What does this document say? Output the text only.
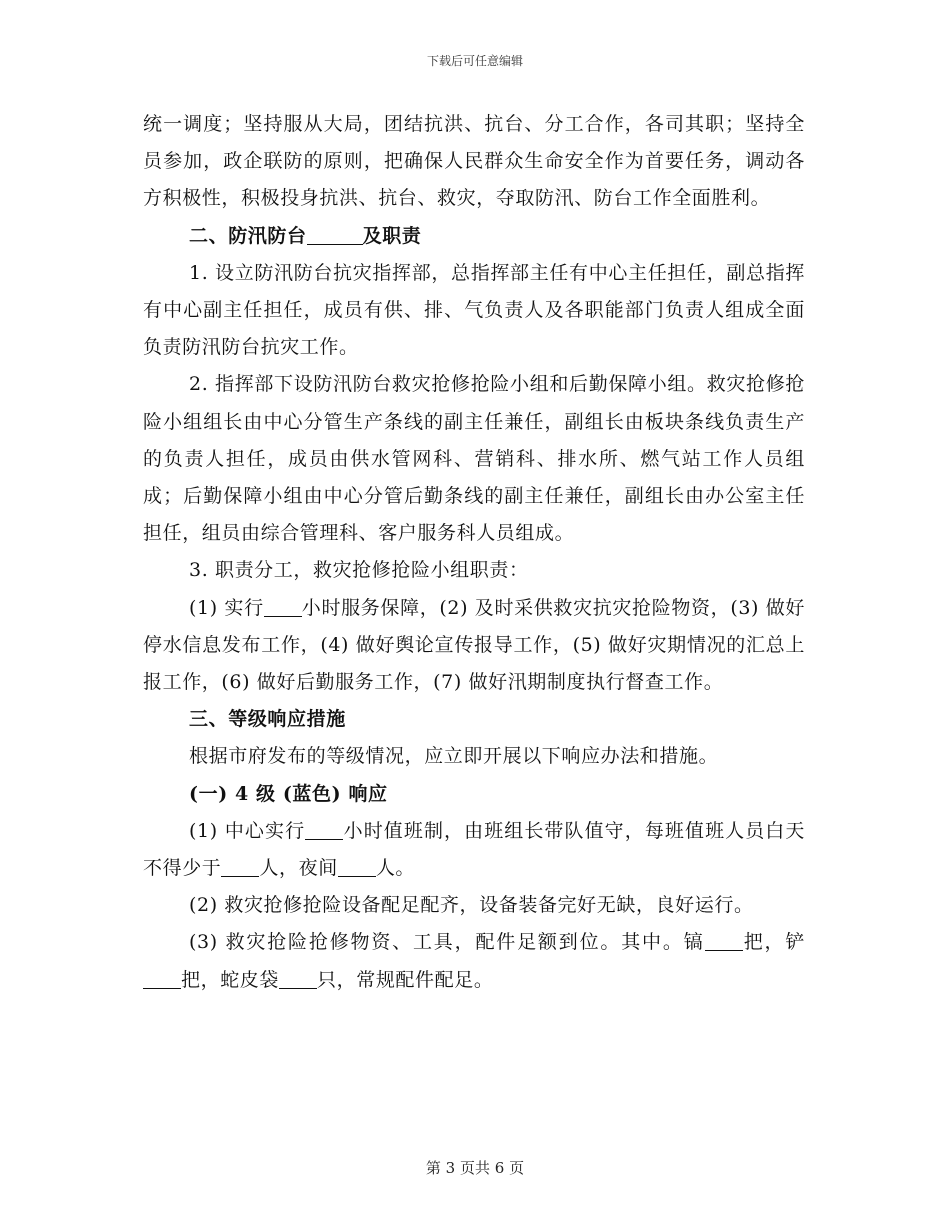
下载后可任意编辑

统一调度；坚持服从大局，团结抗洪、抗台、分工合作，各司其职；坚持全员参加，政企联防的原则，把确保人民群众生命安全作为首要任务，调动各方积极性，积极投身抗洪、抗台、救灾，夺取防汛、防台工作全面胜利。

二、防汛防台	及职责

1. 设立防汛防台抗灾指挥部，总指挥部主任有中心主任担任，副总指挥有中心副主任担任，成员有供、排、气负责人及各职能部门负责人组成全面负责防汛防台抗灾工作。

2. 指挥部下设防汛防台救灾抢修抢险小组和后勤保障小组。救灾抢修抢险小组组长由中心分管生产条线的副主任兼任，副组长由板块条线负责生产的负责人担任，成员由供水管网科、营销科、排水所、燃气站工作人员组成；后勤保障小组由中心分管后勤条线的副主任兼任，副组长由办公室主任担任，组员由综合管理科、客户服务科人员组成。

3. 职责分工，救灾抢修抢险小组职责：

(1) 实行 小时服务保障，(2) 及时采供救灾抗灾抢险物资，(3) 做好停水信息发布工作，(4) 做好舆论宣传报导工作，(5) 做好灾期情况的汇总上报工作，(6) 做好后勤服务工作，(7) 做好汛期制度执行督查工作。

三、等级响应措施

根据市府发布的等级情况，应立即开展以下响应办法和措施。

(一) 4 级 (蓝色) 响应

(1) 中心实行 小时值班制，由班组长带队值守，每班值班人员白天不得少于 人，夜间 人。

(2) 救灾抢修抢险设备配足配齐，设备装备完好无缺，良好运行。

(3) 救灾抢险抢修物资、工具，配件足额到位。其中。镐 把，铲把，蛇皮袋 只，常规配件配足。

第 3 页共 6 页
